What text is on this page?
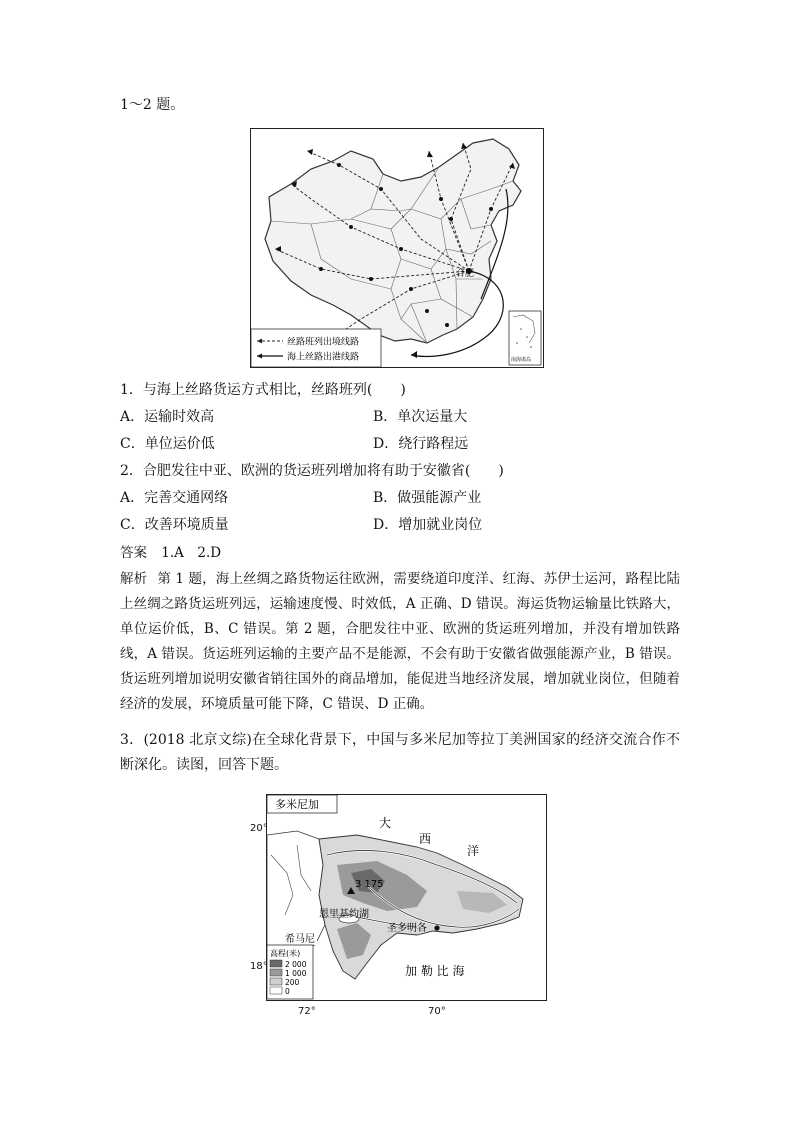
1～2 题。
合肥
南海诸岛
丝路班列出境线路
海上丝路出港线路
1．与海上丝路货运方式相比，丝路班列(　　)
A．运输时效高	B．单次运量大
C．单位运价低	D．绕行路程远
2．合肥发往中亚、欧洲的货运班列增加将有助于安徽省(　　)
A．完善交通网络	B．做强能源产业
C．改善环境质量	D．增加就业岗位
答案 1.A　2.D
解析 第 1 题，海上丝绸之路货物运往欧洲，需要绕道印度洋、红海、苏伊士运河，路程比陆上丝绸之路货运班列远，运输速度慢、时效低，A 正确、D 错误。海运货物运输量比铁路大，单位运价低，B、C 错误。第 2 题，合肥发往中亚、欧洲的货运班列增加，并没有增加铁路线，A 错误。货运班列运输的主要产品不是能源，不会有助于安徽省做强能源产业，B 错误。货运班列增加说明安徽省销往国外的商品增加，能促进当地经济发展，增加就业岗位，但随着经济的发展，环境质量可能下降，C 错误、D 正确。
3．(2018 北京文综)在全球化背景下，中国与多米尼加等拉丁美洲国家的经济交流合作不断深化。读图，回答下题。
多米尼加
大
西
洋
加 勒 比 海
3 175
恩里基约湖
圣多明各
希马尼
高程(米)
2 000
1 000
200
0
20°
18°
72°	70°
